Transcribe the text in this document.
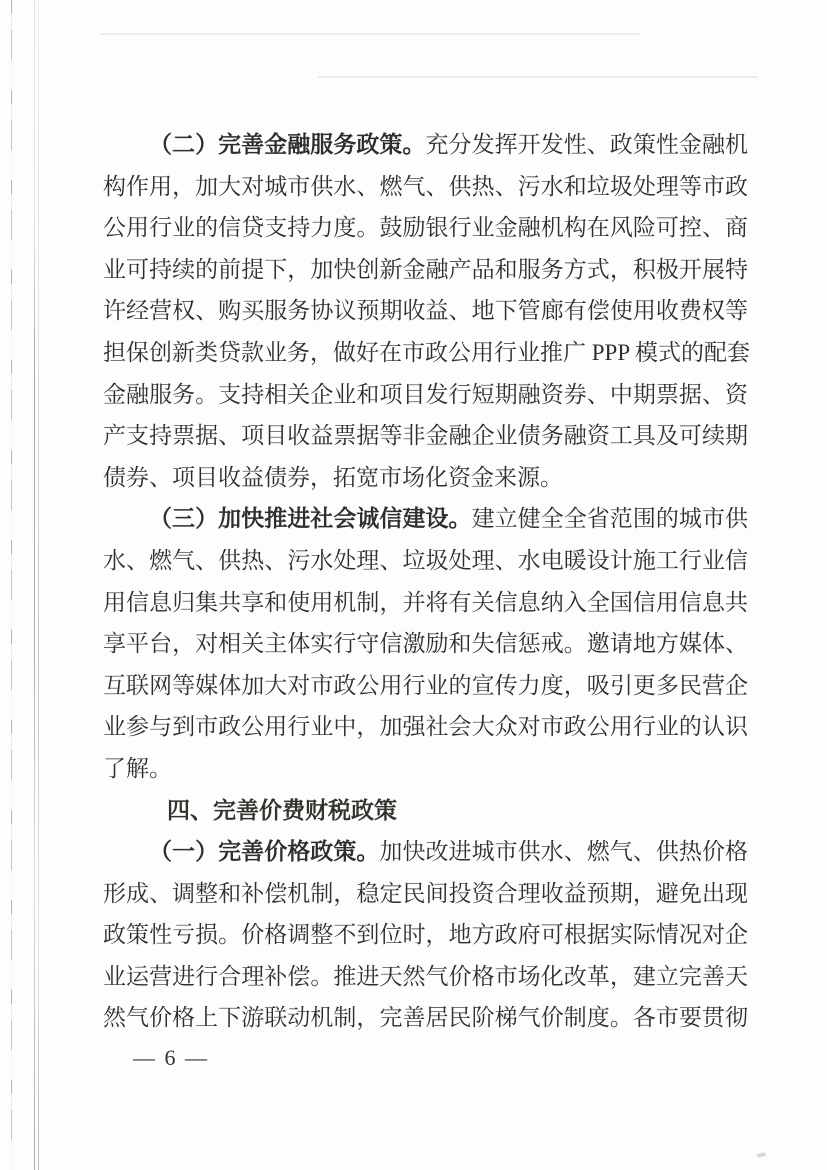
（二）完善金融服务政策。充分发挥开发性、政策性金融机
构作用，加大对城市供水、燃气、供热、污水和垃圾处理等市政
公用行业的信贷支持力度。鼓励银行业金融机构在风险可控、商
业可持续的前提下，加快创新金融产品和服务方式，积极开展特
许经营权、购买服务协议预期收益、地下管廊有偿使用收费权等
担保创新类贷款业务，做好在市政公用行业推广 PPP 模式的配套
金融服务。支持相关企业和项目发行短期融资券、中期票据、资
产支持票据、项目收益票据等非金融企业债务融资工具及可续期
债券、项目收益债券，拓宽市场化资金来源。
（三）加快推进社会诚信建设。建立健全全省范围的城市供
水、燃气、供热、污水处理、垃圾处理、水电暖设计施工行业信
用信息归集共享和使用机制，并将有关信息纳入全国信用信息共
享平台，对相关主体实行守信激励和失信惩戒。邀请地方媒体、
互联网等媒体加大对市政公用行业的宣传力度，吸引更多民营企
业参与到市政公用行业中，加强社会大众对市政公用行业的认识
了解。
四、完善价费财税政策
（一）完善价格政策。加快改进城市供水、燃气、供热价格
形成、调整和补偿机制，稳定民间投资合理收益预期，避免出现
政策性亏损。价格调整不到位时，地方政府可根据实际情况对企
业运营进行合理补偿。推进天然气价格市场化改革，建立完善天
然气价格上下游联动机制，完善居民阶梯气价制度。各市要贯彻
— 6 —
